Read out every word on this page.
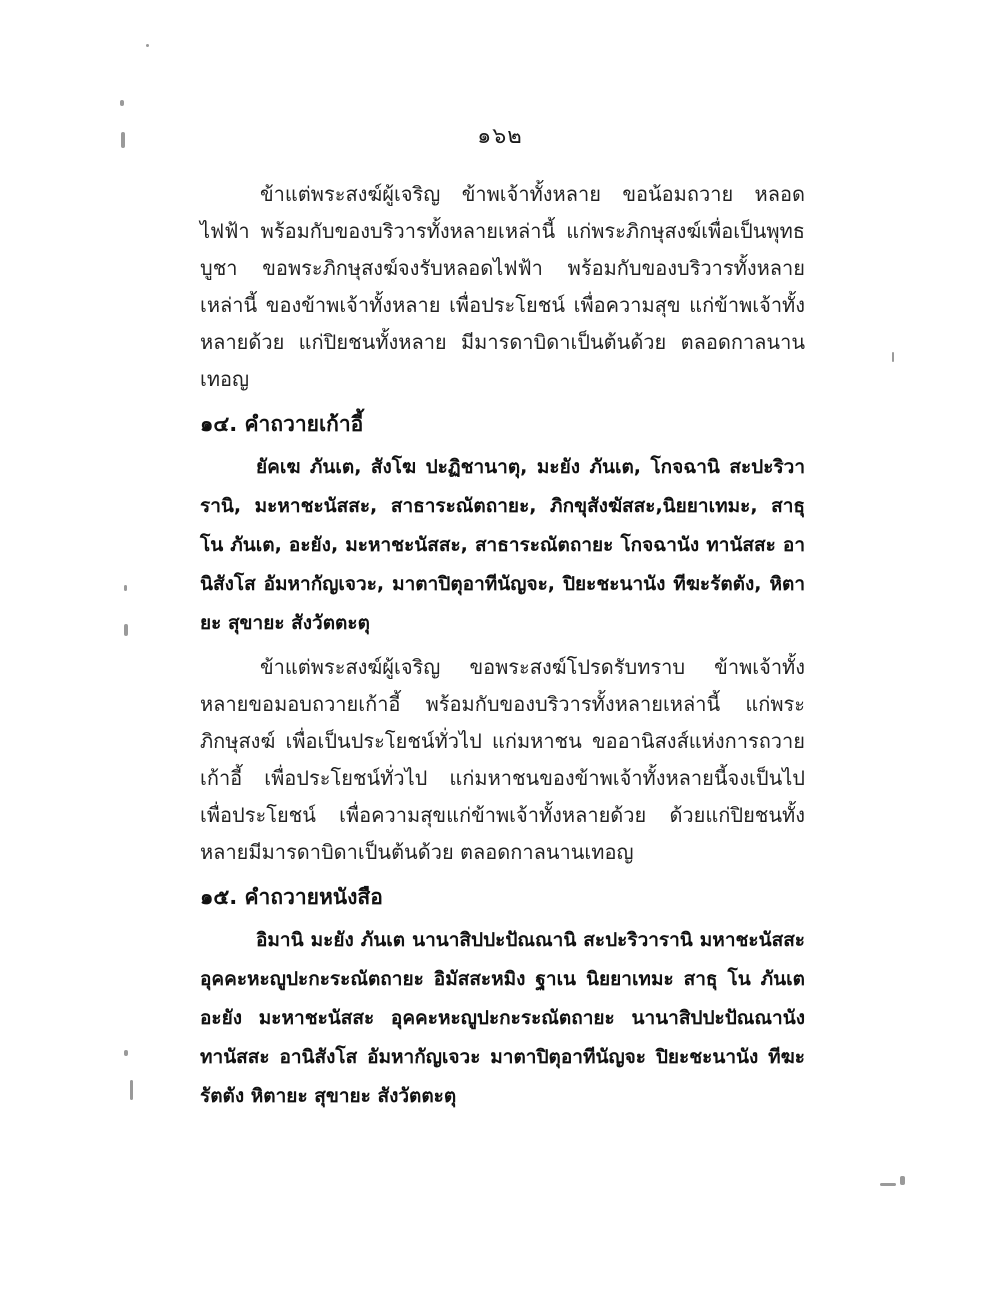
๑๖๒

ข้าแต่พระสงฆ์ผู้เจริญ ข้าพเจ้าทั้งหลาย ขอน้อมถวาย หลอดไฟฟ้า พร้อมกับของบริวารทั้งหลายเหล่านี้ แก่พระภิกษุสงฆ์เพื่อเป็นพุทธบูชา ขอพระภิกษุสงฆ์จงรับหลอดไฟฟ้า พร้อมกับของบริวารทั้งหลายเหล่านี้ ของข้าพเจ้าทั้งหลาย เพื่อประโยชน์ เพื่อความสุข แก่ข้าพเจ้าทั้งหลายด้วย แก่ปิยชนทั้งหลาย มีมารดาบิดาเป็นต้นด้วย ตลอดกาลนานเทอญ

๑๔. คำถวายเก้าอี้

ยัคเฆ ภันเต, สังโฆ ปะฏิชานาตุ, มะยัง ภันเต, โกจฉานิ สะปะริวารานิ, มะหาชะนัสสะ, สาธาระณัตถายะ, ภิกขุสังฆัสสะ,นิยยาเทมะ, สาธุ โน ภันเต, อะยัง, มะหาชะนัสสะ, สาธาระณัตถายะ โกจฉานัง ทานัสสะ อานิสังโส อัมหากัญเจวะ, มาตาปิตุอาทีนัญจะ, ปิยะชะนานัง ทีฆะรัตตัง, หิตายะ สุขายะ สังวัตตะตุ

ข้าแต่พระสงฆ์ผู้เจริญ ขอพระสงฆ์โปรดรับทราบ ข้าพเจ้าทั้งหลายขอมอบถวายเก้าอี้ พร้อมกับของบริวารทั้งหลายเหล่านี้ แก่พระภิกษุสงฆ์ เพื่อเป็นประโยชน์ทั่วไป แก่มหาชน ขออานิสงส์แห่งการถวายเก้าอี้ เพื่อประโยชน์ทั่วไป แก่มหาชนของข้าพเจ้าทั้งหลายนี้จงเป็นไป เพื่อประโยชน์ เพื่อความสุขแก่ข้าพเจ้าทั้งหลายด้วย ด้วยแก่ปิยชนทั้งหลายมีมารดาบิดาเป็นต้นด้วย ตลอดกาลนานเทอญ

๑๕. คำถวายหนังสือ

อิมานิ มะยัง ภันเต นานาสิปปะปัณณานิ สะปะริวารานิ มหาชะนัสสะ อุคคะหะญูปะกะระณัตถายะ อิมัสสะหมิง ฐาเน นิยยาเทมะ สาธุ โน ภันเต อะยัง มะหาชะนัสสะ อุคคะหะญูปะกะระณัตถายะ นานาสิปปะปัณณานัง ทานัสสะ อานิสังโส อัมหากัญเจวะ มาตาปิตุอาทีนัญจะ ปิยะชะนานัง ทีฆะรัตตัง หิตายะ สุขายะ สังวัตตะตุ
